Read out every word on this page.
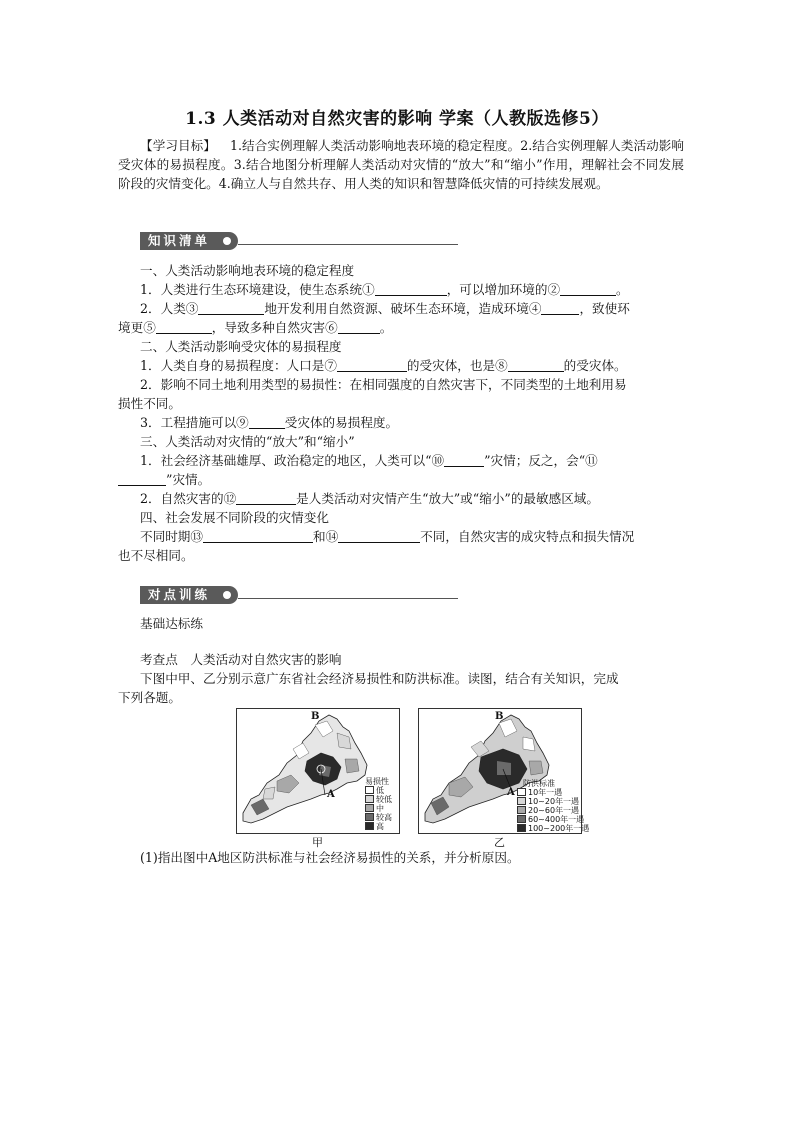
1.3 人类活动对自然灾害的影响 学案（人教版选修5）
【学习目标】 1.结合实例理解人类活动影响地表环境的稳定程度。2.结合实例理解人类活动影响受灾体的易损程度。3.结合地图分析理解人类活动对灾情的“放大”和“缩小”作用，理解社会不同发展阶段的灾情变化。4.确立人与自然共存、用人类的知识和智慧降低灾情的可持续发展观。
知识清单
一、人类活动影响地表环境的稳定程度
1．人类进行生态环境建设，使生态系统①	，可以增加环境的②	。
2．人类③	地开发利用自然资源、破坏生态环境，造成环境④	，致使环
境更⑤	，导致多种自然灾害⑥	。
二、人类活动影响受灾体的易损程度
1．人类自身的易损程度：人口是⑦	的受灾体，也是⑧	的受灾体。
2．影响不同土地利用类型的易损性：在相同强度的自然灾害下，不同类型的土地利用易
损性不同。
3．工程措施可以⑨	受灾体的易损程度。
三、人类活动对灾情的“放大”和“缩小”
1．社会经济基础雄厚、政治稳定的地区，人类可以“⑩	”灾情；反之，会“⑪
”灾情。
2．自然灾害的⑫	是人类活动对灾情产生“放大”或“缩小”的最敏感区域。
四、社会发展不同阶段的灾情变化
不同时期⑬	和⑭	不同，自然灾害的成灾特点和损失情况
也不尽相同。
对点训练
基础达标练
考查点　人类活动对自然灾害的影响
下图中甲、乙分别示意广东省社会经济易损性和防洪标准。读图，结合有关知识，完成
下列各题。
B
A
易损性
低
较低
中
较高
高
甲
B
A
防洪标准
10年一遇
10~20年一遇
20~60年一遇
60~400年一遇
100~200年一遇
乙
(1)指出图中A地区防洪标准与社会经济易损性的关系，并分析原因。
